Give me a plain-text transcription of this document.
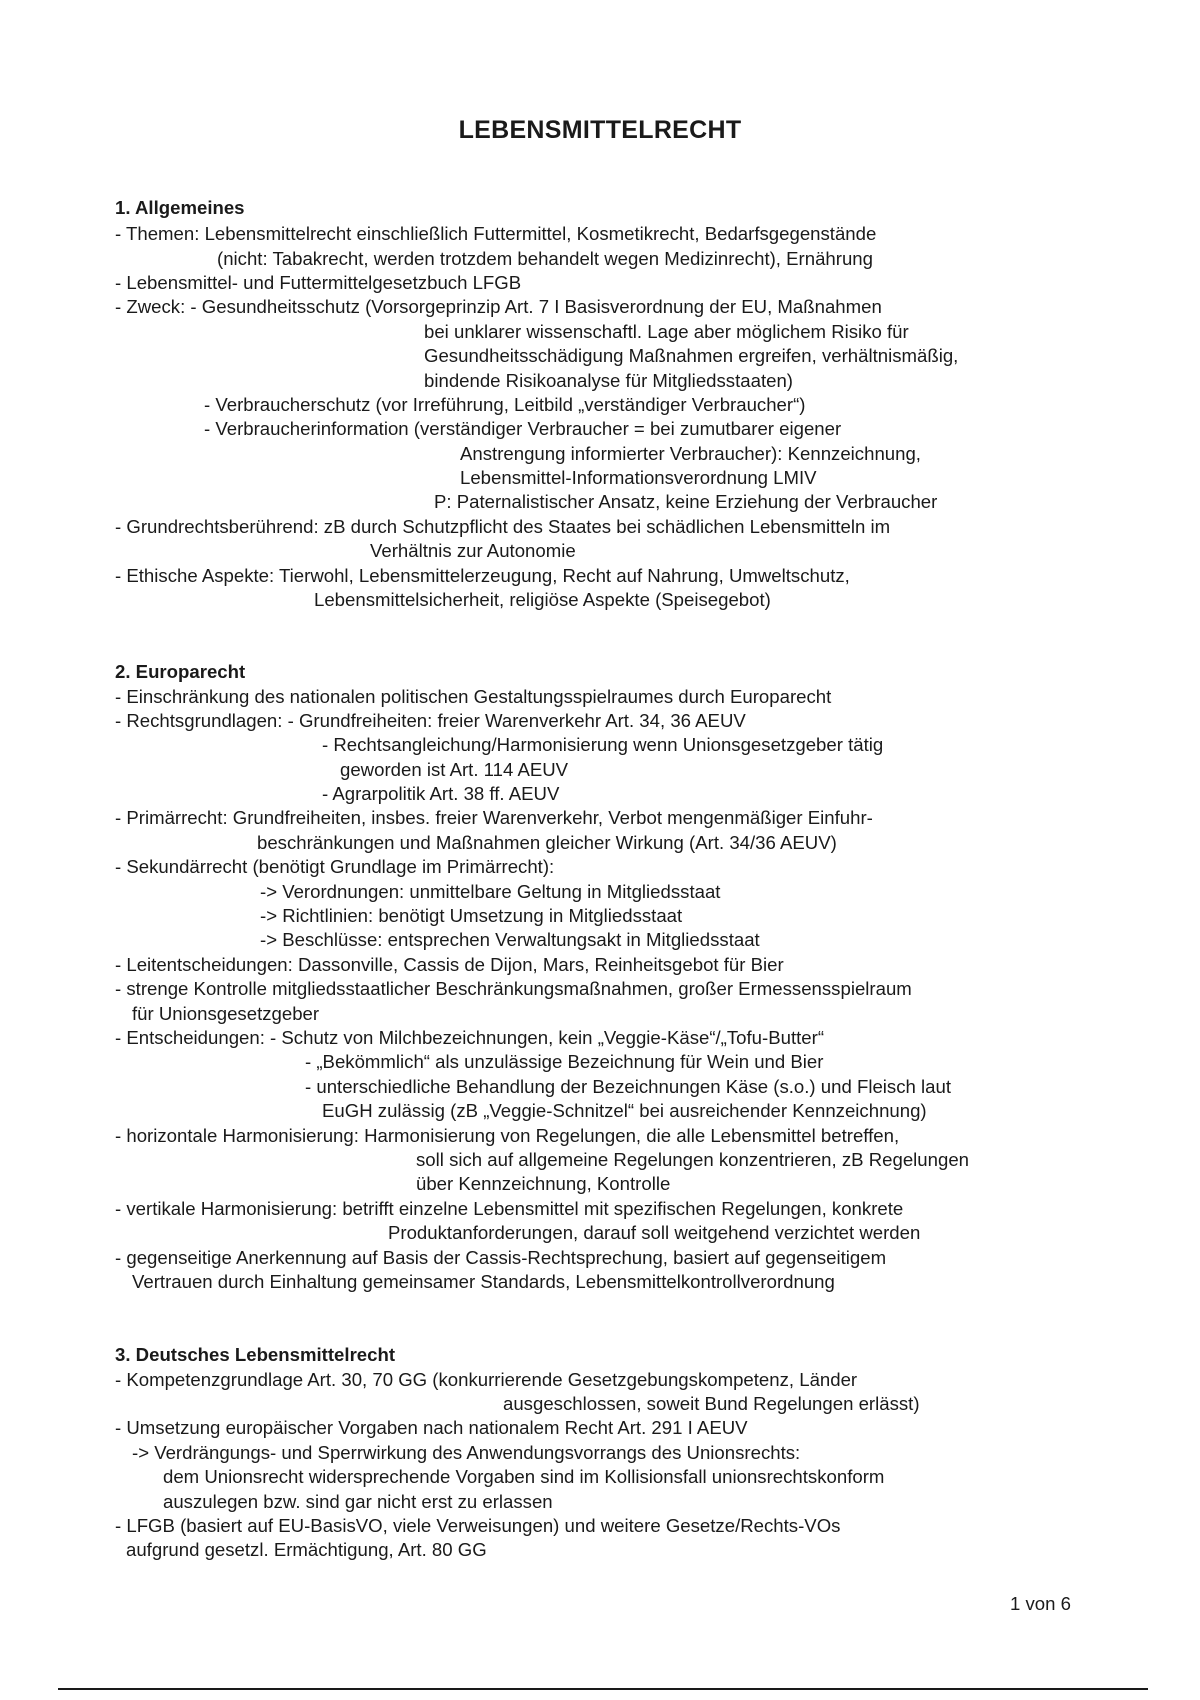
LEBENSMITTELRECHT
1. Allgemeines
- Themen: Lebensmittelrecht einschließlich Futtermittel, Kosmetikrecht, Bedarfsgegenstände
(nicht: Tabakrecht, werden trotzdem behandelt wegen Medizinrecht), Ernährung
- Lebensmittel- und Futtermittelgesetzbuch LFGB
- Zweck: - Gesundheitsschutz (Vorsorgeprinzip Art. 7 I Basisverordnung der EU, Maßnahmen
bei unklarer wissenschaftl. Lage aber möglichem Risiko für
Gesundheitsschädigung Maßnahmen ergreifen, verhältnismäßig,
bindende Risikoanalyse für Mitgliedsstaaten)
- Verbraucherschutz (vor Irreführung, Leitbild „verständiger Verbraucher“)
- Verbraucherinformation (verständiger Verbraucher = bei zumutbarer eigener
Anstrengung informierter Verbraucher): Kennzeichnung,
Lebensmittel-Informationsverordnung LMIV
P: Paternalistischer Ansatz, keine Erziehung der Verbraucher
- Grundrechtsberührend: zB durch Schutzpflicht des Staates bei schädlichen Lebensmitteln im
Verhältnis zur Autonomie
- Ethische Aspekte: Tierwohl, Lebensmittelerzeugung, Recht auf Nahrung, Umweltschutz,
Lebensmittelsicherheit, religiöse Aspekte (Speisegebot)
2. Europarecht
- Einschränkung des nationalen politischen Gestaltungsspielraumes durch Europarecht
- Rechtsgrundlagen: - Grundfreiheiten: freier Warenverkehr Art. 34, 36 AEUV
- Rechtsangleichung/Harmonisierung wenn Unionsgesetzgeber tätig
geworden ist Art. 114 AEUV
- Agrarpolitik Art. 38 ff. AEUV
- Primärrecht: Grundfreiheiten, insbes. freier Warenverkehr, Verbot mengenmäßiger Einfuhr-
beschränkungen und Maßnahmen gleicher Wirkung (Art. 34/36 AEUV)
- Sekundärrecht (benötigt Grundlage im Primärrecht):
-> Verordnungen: unmittelbare Geltung in Mitgliedsstaat
-> Richtlinien: benötigt Umsetzung in Mitgliedsstaat
-> Beschlüsse: entsprechen Verwaltungsakt in Mitgliedsstaat
- Leitentscheidungen: Dassonville, Cassis de Dijon, Mars, Reinheitsgebot für Bier
- strenge Kontrolle mitgliedsstaatlicher Beschränkungsmaßnahmen, großer Ermessensspielraum
für Unionsgesetzgeber
- Entscheidungen: - Schutz von Milchbezeichnungen, kein „Veggie-Käse“/„Tofu-Butter“
- „Bekömmlich“ als unzulässige Bezeichnung für Wein und Bier
- unterschiedliche Behandlung der Bezeichnungen Käse (s.o.) und Fleisch laut
EuGH zulässig (zB „Veggie-Schnitzel“ bei ausreichender Kennzeichnung)
- horizontale Harmonisierung: Harmonisierung von Regelungen, die alle Lebensmittel betreffen,
soll sich auf allgemeine Regelungen konzentrieren, zB Regelungen
über Kennzeichnung, Kontrolle
- vertikale Harmonisierung: betrifft einzelne Lebensmittel mit spezifischen Regelungen, konkrete
Produktanforderungen, darauf soll weitgehend verzichtet werden
- gegenseitige Anerkennung auf Basis der Cassis-Rechtsprechung, basiert auf gegenseitigem
Vertrauen durch Einhaltung gemeinsamer Standards, Lebensmittelkontrollverordnung
3. Deutsches Lebensmittelrecht
- Kompetenzgrundlage Art. 30, 70 GG (konkurrierende Gesetzgebungskompetenz, Länder
ausgeschlossen, soweit Bund Regelungen erlässt)
- Umsetzung europäischer Vorgaben nach nationalem Recht Art. 291 I AEUV
-> Verdrängungs- und Sperrwirkung des Anwendungsvorrangs des Unionsrechts:
dem Unionsrecht widersprechende Vorgaben sind im Kollisionsfall unionsrechtskonform
auszulegen bzw. sind gar nicht erst zu erlassen
- LFGB (basiert auf EU-BasisVO, viele Verweisungen) und weitere Gesetze/Rechts-VOs
aufgrund gesetzl. Ermächtigung, Art. 80 GG
1 von 6
